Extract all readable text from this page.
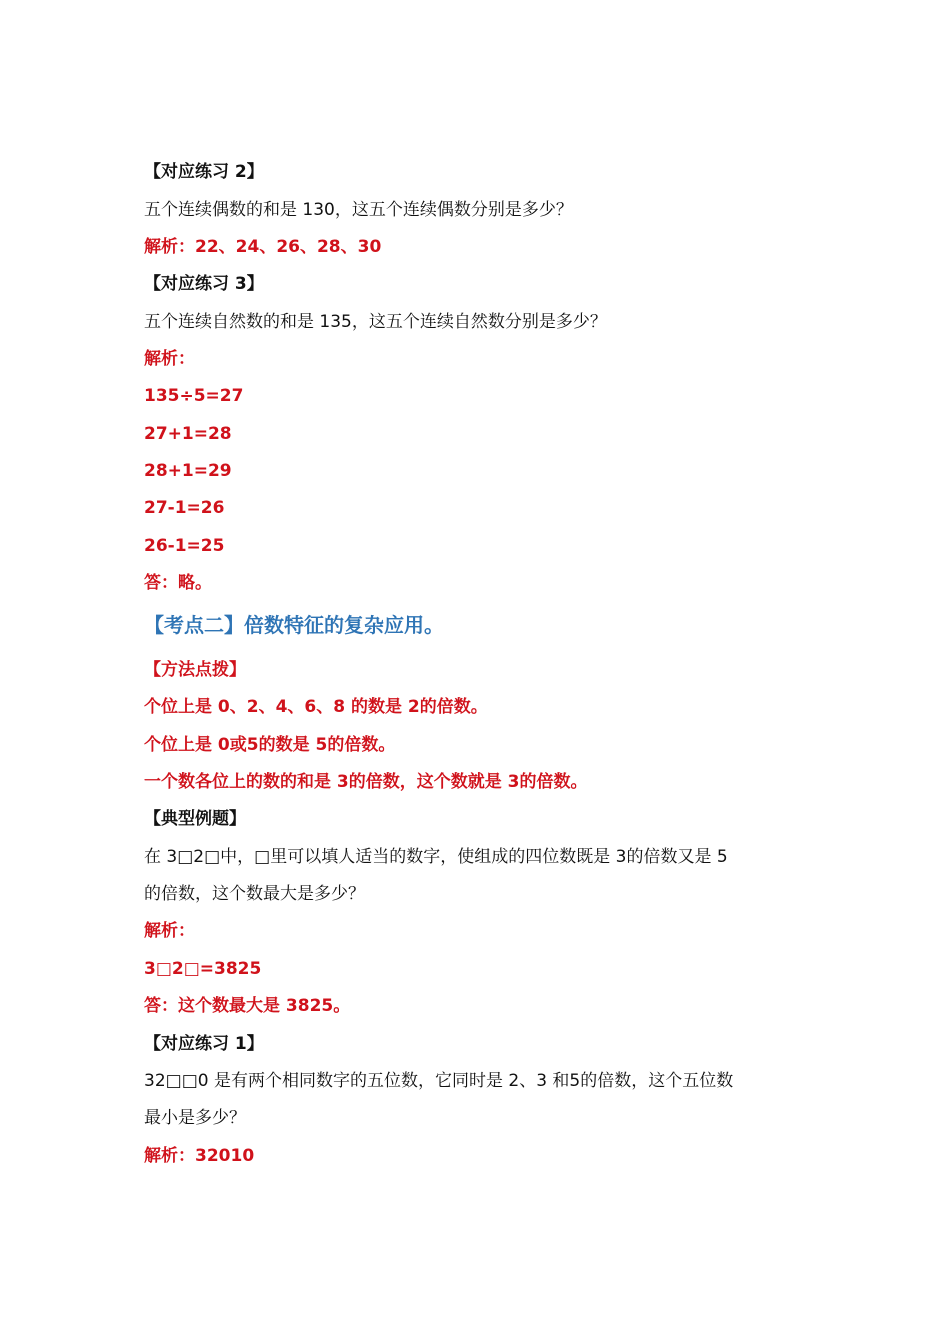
【对应练习 2】
五个连续偶数的和是 130，这五个连续偶数分别是多少？
解析：22、24、26、28、30
【对应练习 3】
五个连续自然数的和是 135，这五个连续自然数分别是多少？
解析：
135÷5=27
27+1=28
28+1=29
27-1=26
26-1=25
答：略。
【考点二】倍数特征的复杂应用。
【方法点拨】
个位上是 0、2、4、6、8 的数是 2的倍数。
个位上是 0或5的数是 5的倍数。
一个数各位上的数的和是 3的倍数，这个数就是 3的倍数。
【典型例题】
在 3□2□中，□里可以填人适当的数字，使组成的四位数既是 3的倍数又是 5
的倍数，这个数最大是多少？
解析：
3□2□=3825
答：这个数最大是 3825。
【对应练习 1】
32□□0 是有两个相同数字的五位数，它同时是 2、3 和5的倍数，这个五位数
最小是多少？
解析：32010
